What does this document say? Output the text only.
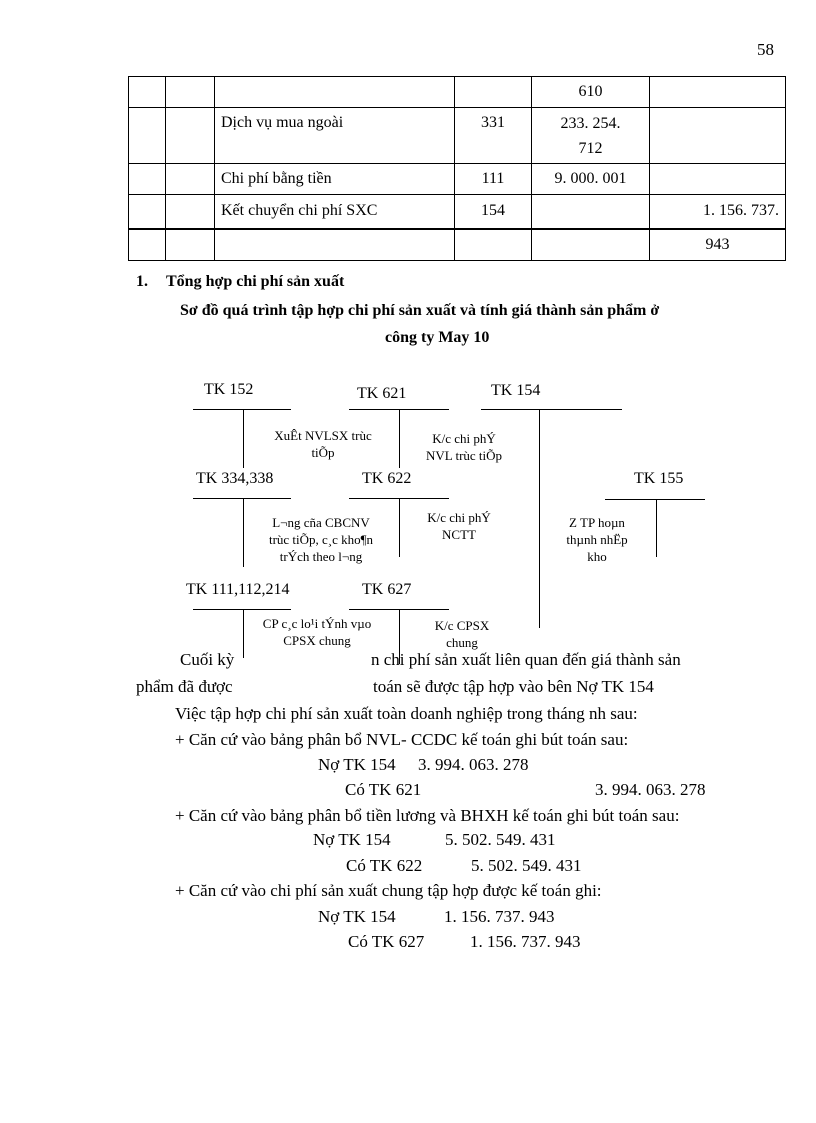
58
				610	
		Dịch vụ mua ngoài	331	233. 254.
712	

		Chi phí bằng tiền	111	9. 000. 001	
		Kết chuyển chi phí SXC	154		1. 156. 737.
					943
1. Tổng hợp chi phí sản xuất
Sơ đồ quá trình tập hợp chi phí sản xuất và tính giá thành sản phẩm ở
công ty May 10
TK 152	TK 621	TK 154
XuÊt NVLSX trùc
tiÕp
K/c chi phÝ
NVL trùc tiÕp
TK 334,338	TK 622	TK 155
L¬ng cña CBCNV
trùc tiÕp, c¸c kho¶n
trÝch theo l¬ng
K/c chi phÝ
NCTT
Z TP hoµn
thµnh nhËp
kho
TK 111,112,214	TK 627
CP c¸c lo¹i tÝnh vµo
CPSX chung
K/c CPSX
chung
Cuối kỳ	n chi phí sản xuất liên quan đến giá thành sản
phẩm đã được	toán sẽ được tập hợp vào bên Nợ TK 154
Việc tập hợp chi phí sản xuất toàn doanh nghiệp trong tháng nh sau:
+ Căn cứ vào bảng phân bổ NVL- CCDC kế toán ghi bút toán sau:
Nợ TK 154 3. 994. 063. 278
Có TK 621	3. 994. 063. 278
+ Căn cứ vào bảng phân bổ tiền lương và BHXH kế toán ghi bút toán sau:
Nợ TK 154	5. 502. 549. 431
Có TK 622	5. 502. 549. 431
+ Căn cứ vào chi phí sản xuất chung tập hợp được kế toán ghi:
Nợ TK 154	1. 156. 737. 943
Có TK 627	1. 156. 737. 943
